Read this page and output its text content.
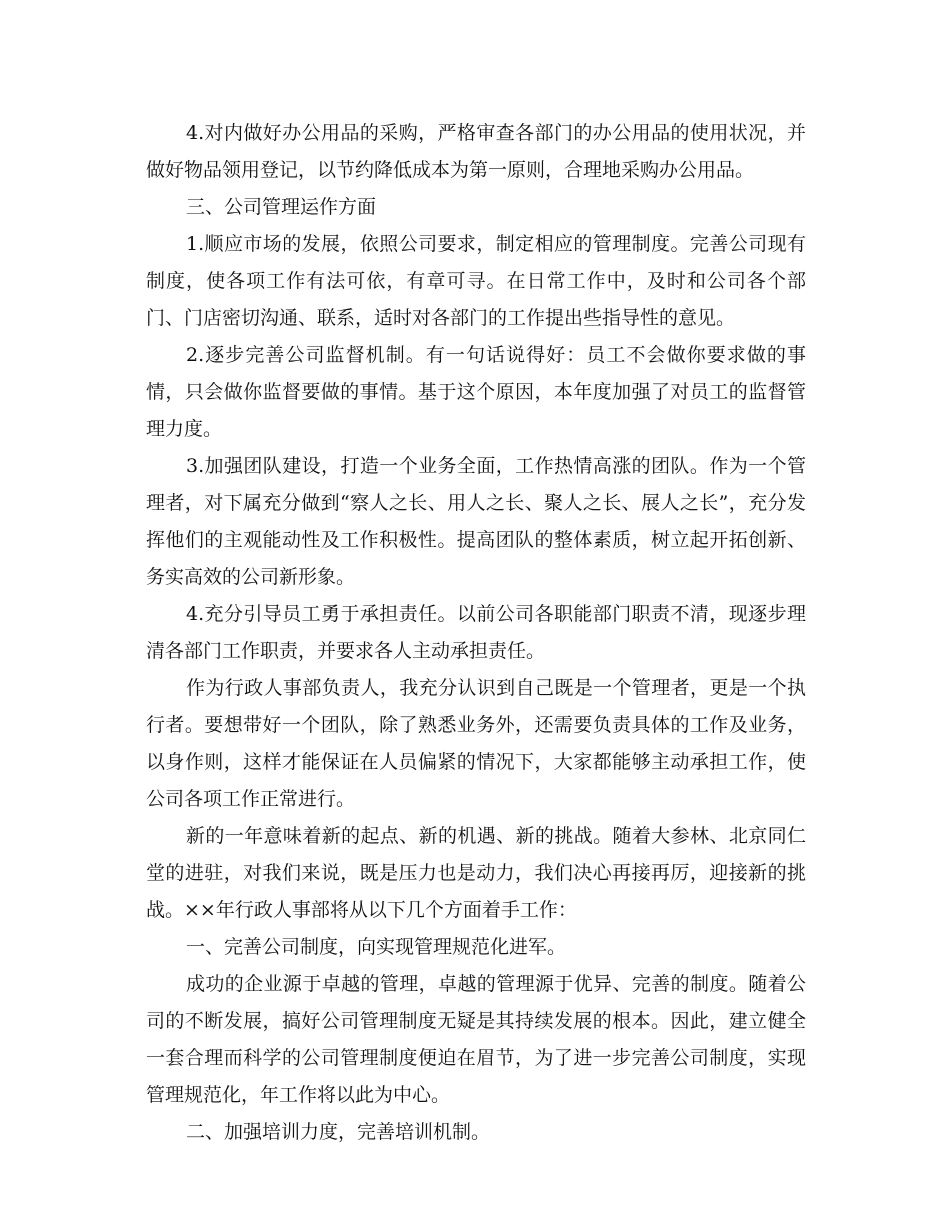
4.对内做好办公用品的采购，严格审查各部门的办公用品的使用状况，并做好物品领用登记，以节约降低成本为第一原则，合理地采购办公用品。

三、公司管理运作方面

1.顺应市场的发展，依照公司要求，制定相应的管理制度。完善公司现有制度，使各项工作有法可依，有章可寻。在日常工作中，及时和公司各个部门、门店密切沟通、联系，适时对各部门的工作提出些指导性的意见。

2.逐步完善公司监督机制。有一句话说得好：员工不会做你要求做的事情，只会做你监督要做的事情。基于这个原因，本年度加强了对员工的监督管理力度。

3.加强团队建设，打造一个业务全面，工作热情高涨的团队。作为一个管理者，对下属充分做到“察人之长、用人之长、聚人之长、展人之长”，充分发挥他们的主观能动性及工作积极性。提高团队的整体素质，树立起开拓创新、务实高效的公司新形象。

4.充分引导员工勇于承担责任。以前公司各职能部门职责不清，现逐步理清各部门工作职责，并要求各人主动承担责任。

作为行政人事部负责人，我充分认识到自己既是一个管理者，更是一个执行者。要想带好一个团队，除了熟悉业务外，还需要负责具体的工作及业务，以身作则，这样才能保证在人员偏紧的情况下，大家都能够主动承担工作，使公司各项工作正常进行。

新的一年意味着新的起点、新的机遇、新的挑战。随着大参林、北京同仁堂的进驻，对我们来说，既是压力也是动力，我们决心再接再厉，迎接新的挑战。××年行政人事部将从以下几个方面着手工作：

一、完善公司制度，向实现管理规范化进军。

成功的企业源于卓越的管理，卓越的管理源于优异、完善的制度。随着公司的不断发展，搞好公司管理制度无疑是其持续发展的根本。因此，建立健全一套合理而科学的公司管理制度便迫在眉节，为了进一步完善公司制度，实现管理规范化，年工作将以此为中心。

二、加强培训力度，完善培训机制。
